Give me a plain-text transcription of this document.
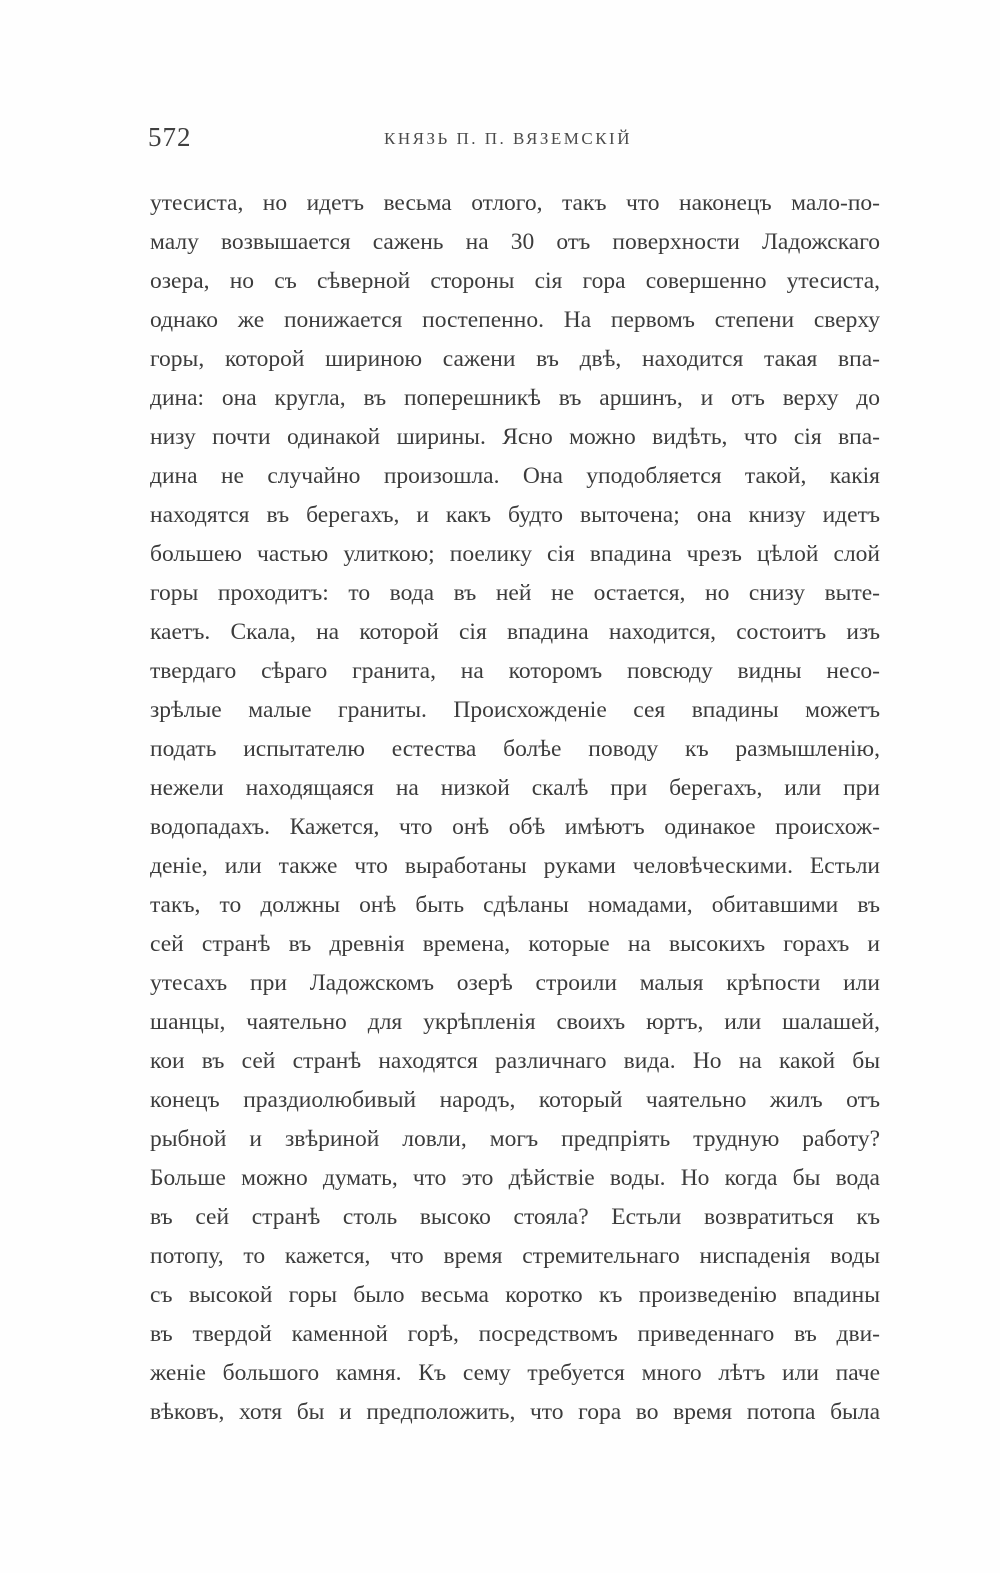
572	КНЯЗЬ П. П. ВЯЗЕМСКІЙ
утесиста, но идетъ весьма отлого, такъ что наконецъ мало-по-
малу возвышается сажень на 30 отъ поверхности Ладожскаго
озера, но съ сѣверной стороны сія гора совершенно утесиста,
однако же понижается постепенно. На первомъ степени сверху
горы, которой шириною сажени въ двѣ, находится такая впа-
дина: она кругла, въ поперешникѣ въ аршинъ, и отъ верху до
низу почти одинакой ширины. Ясно можно видѣть, что сія впа-
дина не случайно произошла. Она уподобляется такой, какія
находятся въ берегахъ, и какъ будто выточена; она книзу идетъ
большею частью улиткою; поелику сія впадина чрезъ цѣлой слой
горы проходитъ: то вода въ ней не остается, но снизу выте-
каетъ. Скала, на которой сія впадина находится, состоитъ изъ
твердаго сѣраго гранита, на которомъ повсюду видны несо-
зрѣлые малые граниты. Происхожденіе сея впадины можетъ
подать испытателю естества болѣе поводу къ размышленію,
нежели находящаяся на низкой скалѣ при берегахъ, или при
водопадахъ. Кажется, что онѣ обѣ имѣютъ одинакое происхож-
деніе, или также что выработаны руками человѣческими. Естьли
такъ, то должны онѣ быть сдѣланы номадами, обитавшими въ
сей странѣ въ древнія времена, которые на высокихъ горахъ и
утесахъ при Ладожскомъ озерѣ строили малыя крѣпости или
шанцы, чаятельно для укрѣпленія своихъ юртъ, или шалашей,
кои въ сей странѣ находятся различнаго вида. Но на какой бы
конецъ праздиолюбивый народъ, который чаятельно жилъ отъ
рыбной и звѣриной ловли, могъ предпріять трудную работу?
Больше можно думать, что это дѣйствіе воды. Но когда бы вода
въ сей странѣ столь высоко стояла? Естьли возвратиться къ
потопу, то кажется, что время стремительнаго ниспаденія воды
съ высокой горы было весьма коротко къ произведенію впадины
въ твердой каменной горѣ, посредствомъ приведеннаго въ дви-
женіе большого камня. Къ сему требуется много лѣтъ или паче
вѣковъ, хотя бы и предположить, что гора во время потопа была
